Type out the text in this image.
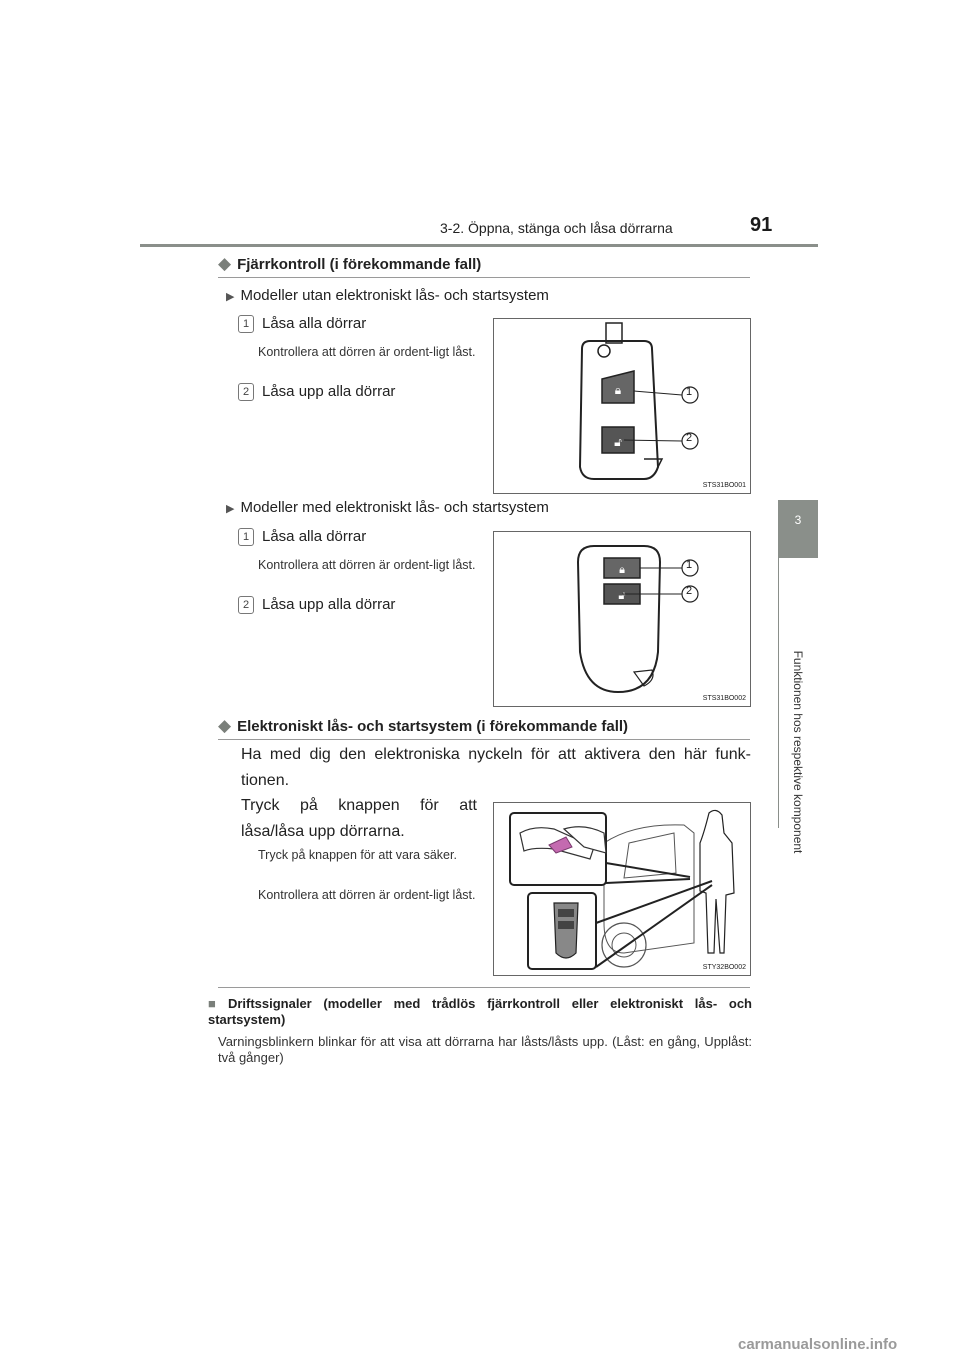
3-2. Öppna, stänga och låsa dörrarna	91
3
Funktionen hos respektive komponent
◆ Fjärrkontroll (i förekommande fall)
▶ Modeller utan elektroniskt lås- och startsystem
1 Låsa alla dörrar
Kontrollera att dörren är ordent-ligt låst.
2 Låsa upp alla dörrar	🔒︎
🔓︎
1
2
STS31BO001
▶ Modeller med elektroniskt lås- och startsystem
1 Låsa alla dörrar
Kontrollera att dörren är ordent-ligt låst.
2 Låsa upp alla dörrar
🔒︎
🔓︎
1
2
STS31BO002
◆ Elektroniskt lås- och startsystem (i förekommande fall)
Ha med dig den elektroniska nyckeln för att aktivera den här funk-tionen.
Tryck på knappen för att låsa/låsa upp dörrarna.
Tryck på knappen för att vara säker.
Kontrollera att dörren är ordent-ligt låst.
STY32BO002
■ Driftssignaler (modeller med trådlös fjärrkontroll eller elektroniskt lås- och startsystem)
Varningsblinkern blinkar för att visa att dörrarna har låsts/låsts upp. (Låst: en gång, Upplåst: två gånger)
carmanualsonline.info
